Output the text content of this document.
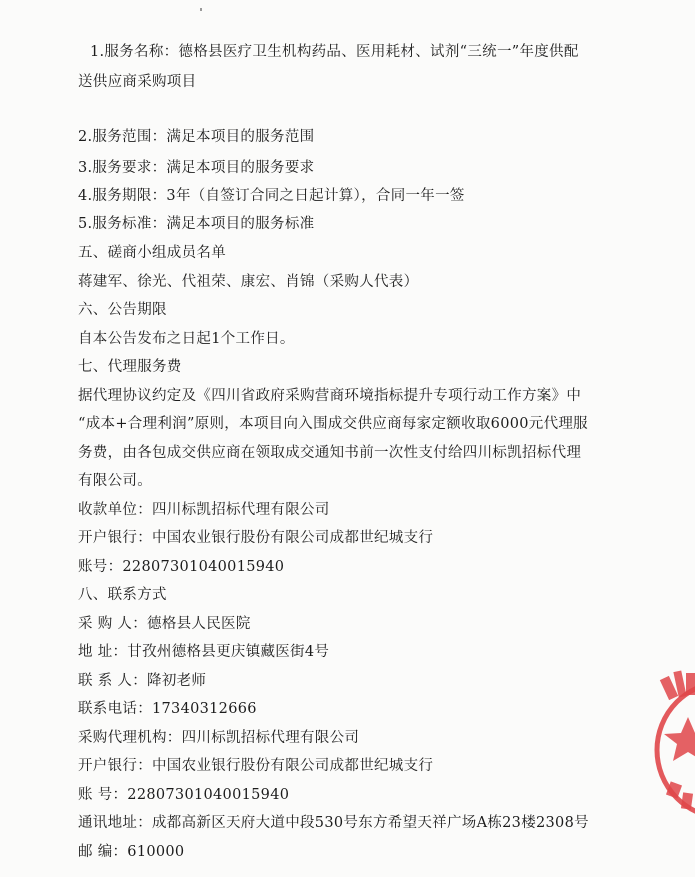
1.服务名称：德格县医疗卫生机构药品、医用耗材、试剂“三统一”年度供配
送供应商采购项目
2.服务范围：满足本项目的服务范围
3.服务要求：满足本项目的服务要求
4.服务期限：3年（自签订合同之日起计算），合同一年一签
5.服务标准：满足本项目的服务标准
五、磋商小组成员名单
蒋建军、徐光、代祖荣、康宏、肖锦（采购人代表）
六、公告期限
自本公告发布之日起1个工作日。
七、代理服务费
据代理协议约定及《四川省政府采购营商环境指标提升专项行动工作方案》中
“成本+合理利润”原则，本项目向入围成交供应商每家定额收取6000元代理服
务费，由各包成交供应商在领取成交通知书前一次性支付给四川标凯招标代理
有限公司。
收款单位：四川标凯招标代理有限公司
开户银行：中国农业银行股份有限公司成都世纪城支行
账号：22807301040015940
八、联系方式
采 购 人：德格县人民医院
地 址：甘孜州德格县更庆镇藏医街4号
联 系 人：降初老师
联系电话：17340312666
采购代理机构：四川标凯招标代理有限公司
开户银行：中国农业银行股份有限公司成都世纪城支行
账 号：22807301040015940
通讯地址：成都高新区天府大道中段530号东方希望天祥广场A栋23楼2308号
邮 编：610000
